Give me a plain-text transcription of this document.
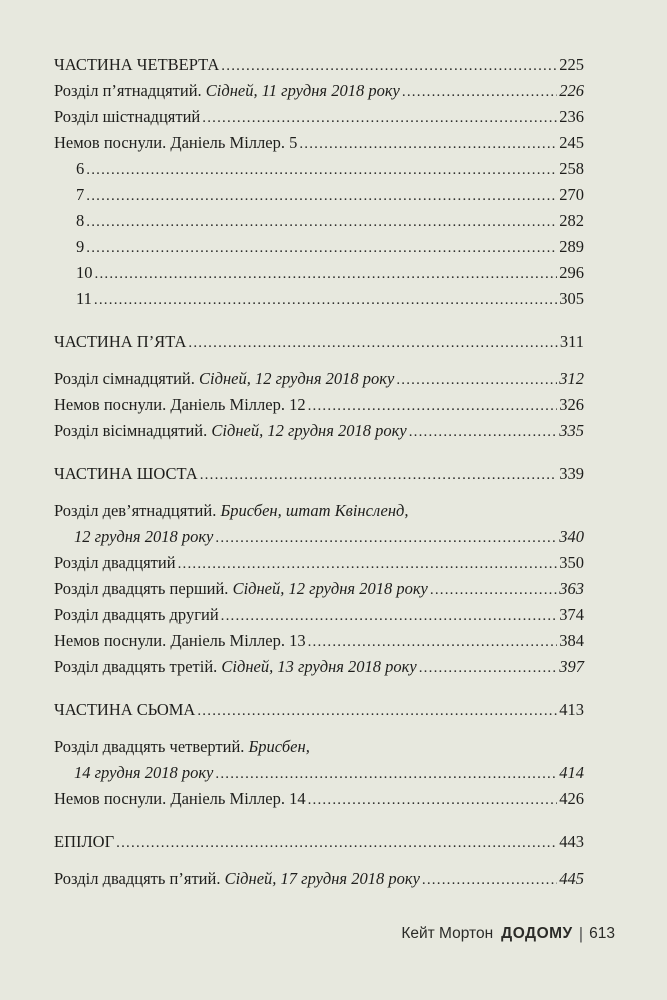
ЧАСТИНА ЧЕТВЕРТА .....	225
Розділ п’ятнадцятий. Сідней, 11 грудня 2018 року .....	226
Розділ шістнадцятий .....	236
Немов поснули. Даніель Міллер. 5 .....	245
6 .....	258
7 .....	270
8 .....	282
9 .....	289
10 .....	296
11 .....	305
ЧАСТИНА П’ЯТА .....	311
Розділ сімнадцятий. Сідней, 12 грудня 2018 року .....	312
Немов поснули. Даніель Міллер. 12 .....	326
Розділ вісімнадцятий. Сідней, 12 грудня 2018 року .....	335
ЧАСТИНА ШОСТА .....	339
Розділ дев’ятнадцятий. Брисбен, штат Квінсленд,
12 грудня 2018 року .....	340
Розділ двадцятий .....	350
Розділ двадцять перший. Сідней, 12 грудня 2018 року .....	363
Розділ двадцять другий .....	374
Немов поснули. Даніель Міллер. 13 .....	384
Розділ двадцять третій. Сідней, 13 грудня 2018 року .....	397
ЧАСТИНА СЬОМА .....	413
Розділ двадцять четвертий. Брисбен,
14 грудня 2018 року .....	414
Немов поснули. Даніель Міллер. 14 .....	426
ЕПІЛОГ .....	443
Розділ двадцять п’ятий. Сідней, 17 грудня 2018 року .....	445
Кейт Мортон ДОДОМУ | 613
